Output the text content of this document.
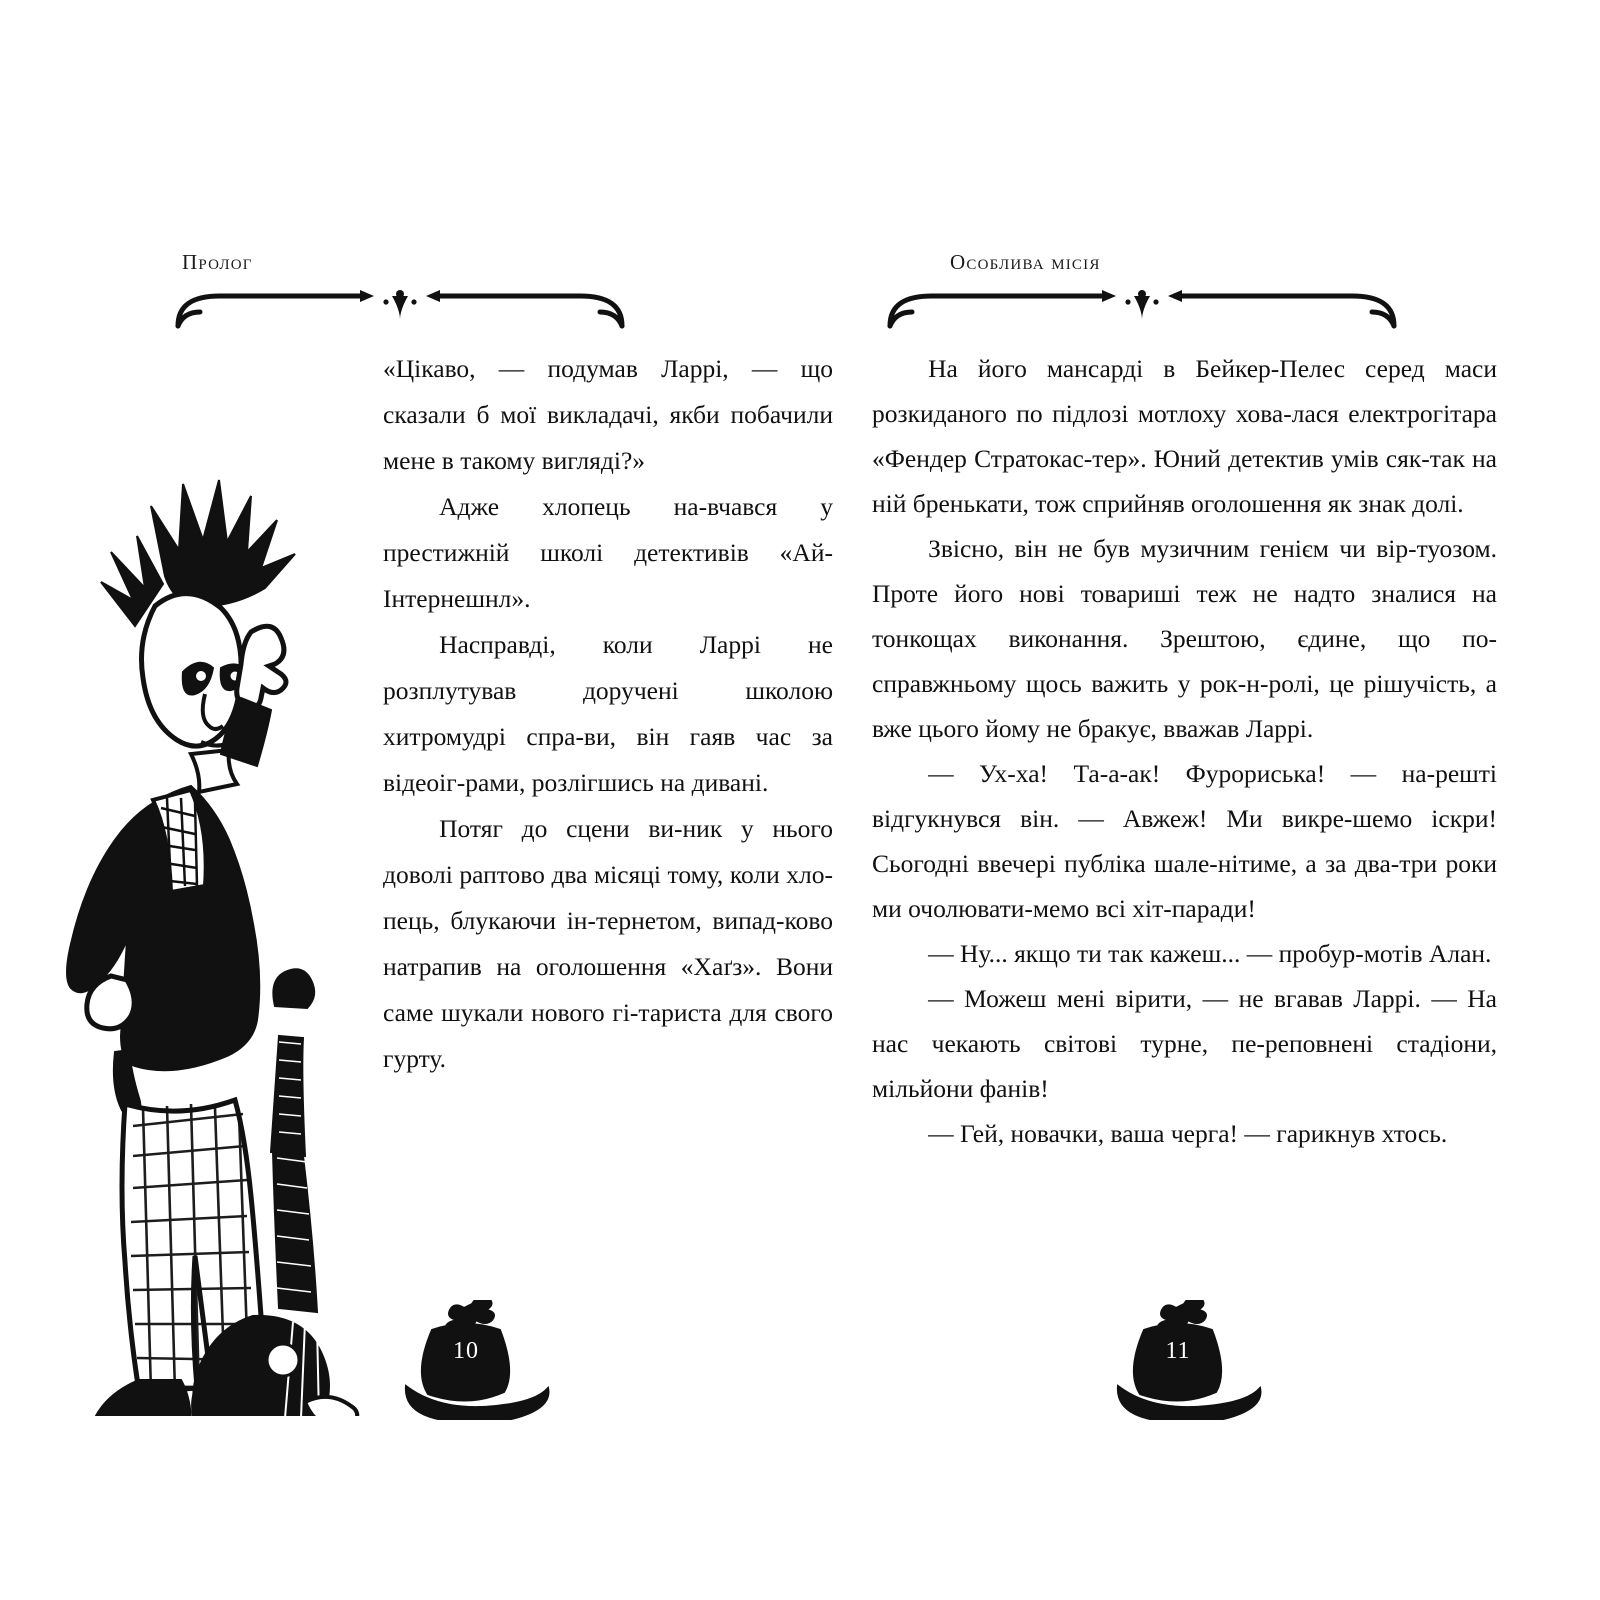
Пролог

«Цікаво, — подумав Ларрі, — що сказали б мої викладачі, якби побачили мене в такому вигляді?»

Адже хлопець на-вчався у престижній школі детективів «Ай-Інтернешнл».

Насправді, коли Ларрі не розплутував доручені школою хитромудрі спра-ви, він гаяв час за відеоіг-рами, розлігшись на дивані.

Потяг до сцени ви-ник у нього доволі раптово два місяці тому, коли хло-пець, блукаючи ін-тернетом, випад-ково натрапив на оголошення «Хаґз». Вони саме шукали нового гі-тариста для свого гурту.

10
Особлива місія

На його мансарді в Бейкер-Пелес серед маси розкиданого по підлозі мотлоху хова-лася електрогітара «Фендер Стратокас-тер». Юний детектив умів сяк-так на ній бренькати, тож сприйняв оголошення як знак долі.

Звісно, він не був музичним генієм чи вір-туозом. Проте його нові товариші теж не надто зналися на тонкощах виконання. Зрештою, єдине, що по-справжньому щось важить у рок-н-ролі, це рішучість, а вже цього йому не бракує, вважав Ларрі.

— Ух-ха! Та-а-ак! Фурориська! — на-решті відгукнувся він. — Авжеж! Ми викре-шемо іскри! Сьогодні ввечері публіка шале-нітиме, а за два-три роки ми очолювати-мемо всі хіт-паради!

— Ну... якщо ти так кажеш... — пробур-мотів Алан.

— Можеш мені вірити, — не вгавав Ларрі. — На нас чекають світові турне, пе-реповнені стадіони, мільйони фанів!

— Гей, новачки, ваша черга! — гарикнув хтось.

11
